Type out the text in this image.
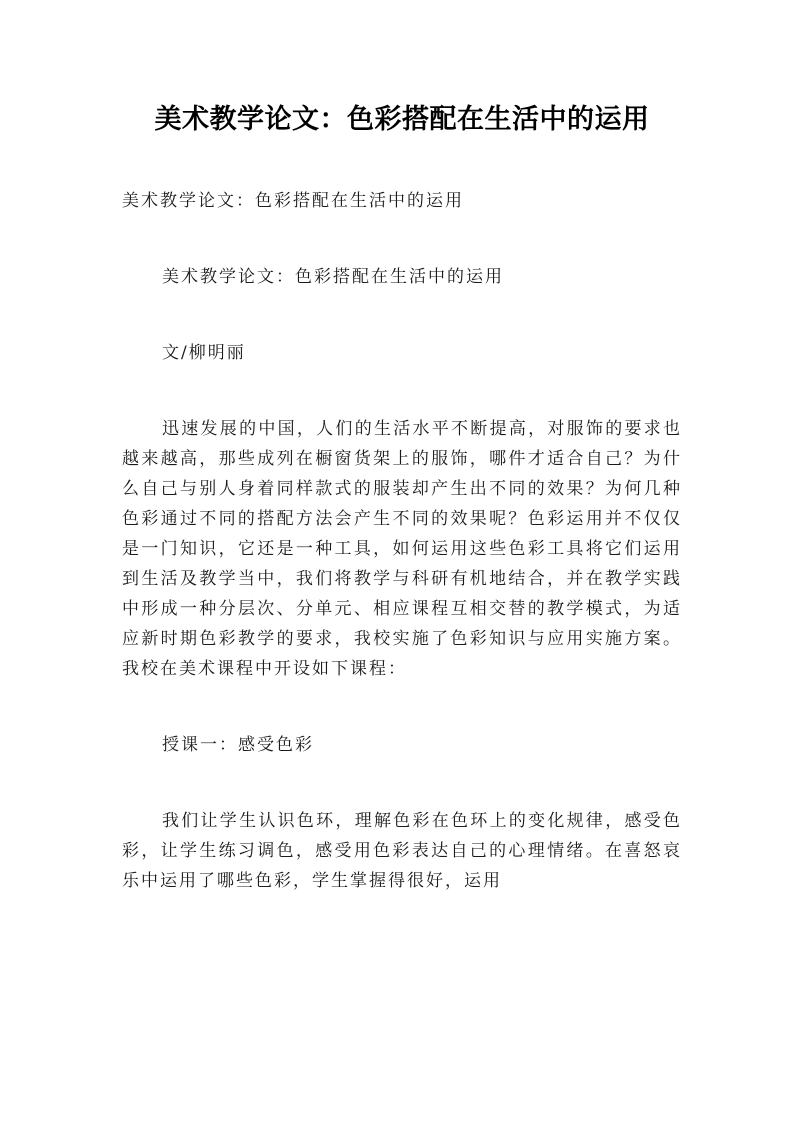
美术教学论文：色彩搭配在生活中的运用

美术教学论文：色彩搭配在生活中的运用

美术教学论文：色彩搭配在生活中的运用

文/柳明丽

迅速发展的中国，人们的生活水平不断提高，对服饰的要求也越来越高，那些成列在橱窗货架上的服饰，哪件才适合自己？为什么自己与别人身着同样款式的服装却产生出不同的效果？为何几种色彩通过不同的搭配方法会产生不同的效果呢？色彩运用并不仅仅是一门知识，它还是一种工具，如何运用这些色彩工具将它们运用到生活及教学当中，我们将教学与科研有机地结合，并在教学实践中形成一种分层次、分单元、相应课程互相交替的教学模式，为适应新时期色彩教学的要求，我校实施了色彩知识与应用实施方案。我校在美术课程中开设如下课程：

授课一：感受色彩

我们让学生认识色环，理解色彩在色环上的变化规律，感受色彩，让学生练习调色，感受用色彩表达自己的心理情绪。在喜怒哀乐中运用了哪些色彩，学生掌握得很好，运用
